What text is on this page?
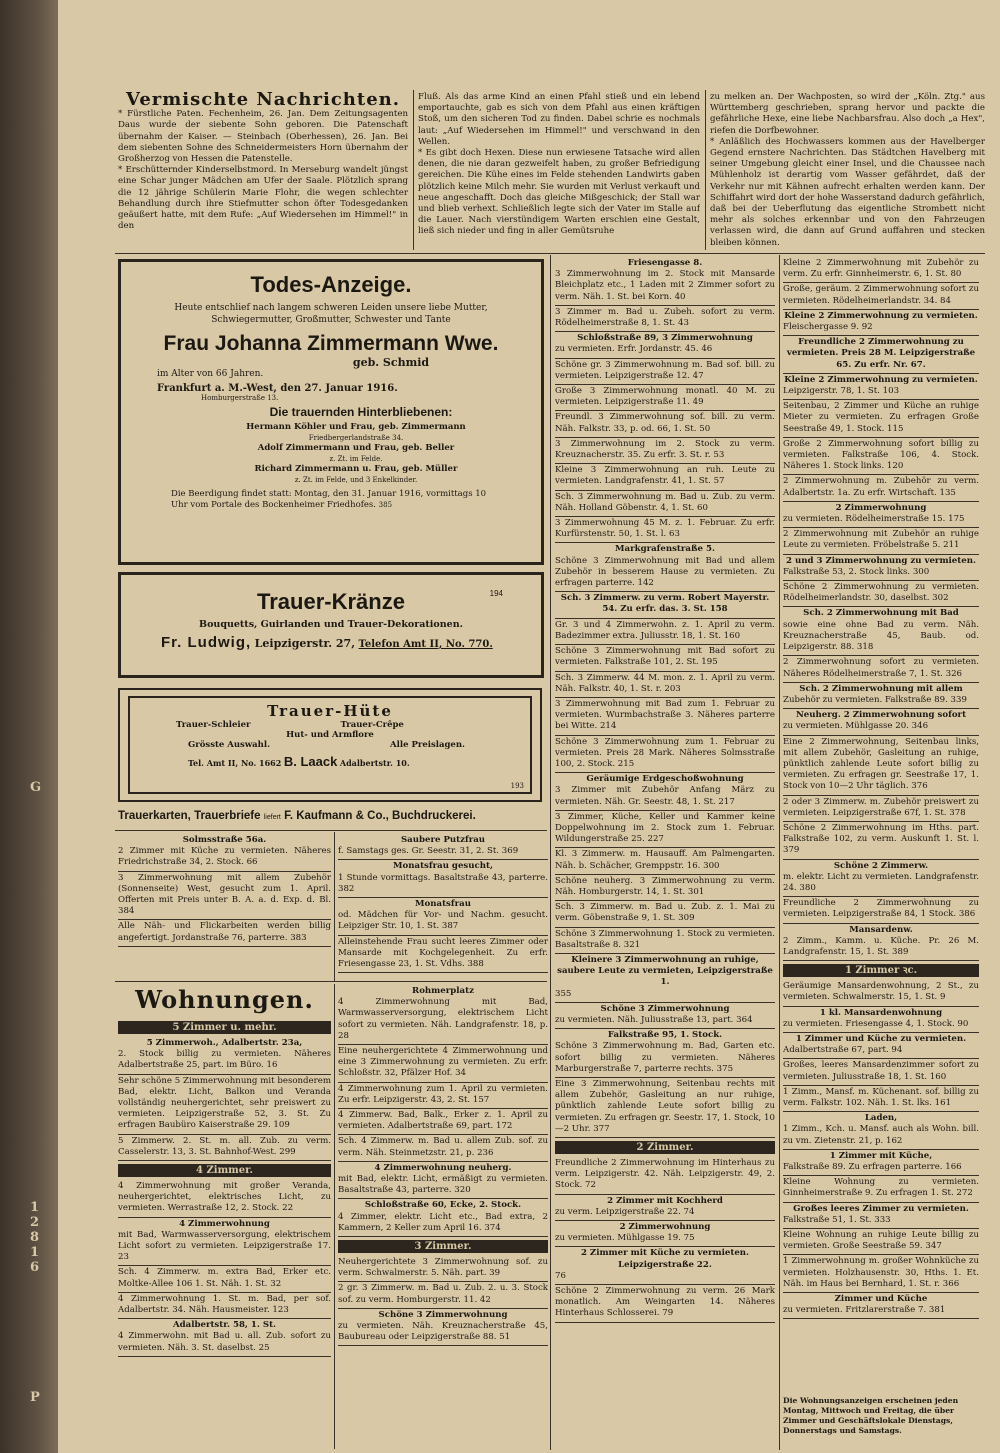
P
G
1
2
8
1
6
Vermischte Nachrichten.

* Fürstliche Paten. Fechenheim, 26. Jan. Dem Zeitungsagenten Daus wurde der siebente Sohn geboren. Die Patenschaft übernahm der Kaiser. — Steinbach (Oberhessen), 26. Jan. Bei dem siebenten Sohne des Schneidermeisters Horn übernahm der Großherzog von Hessen die Patenstelle.

* Erschütternder Kinderselbstmord. In Merseburg wandelt jüngst eine Schar junger Mädchen am Ufer der Saale. Plötzlich sprang die 12 jährige Schülerin Marie Flohr, die wegen schlechter Behandlung durch ihre Stiefmutter schon öfter Todesgedanken geäußert hatte, mit dem Rufe: „Auf Wiedersehen im Himmel!" in den

Fluß. Als das arme Kind an einen Pfahl stieß und ein lebend emportauchte, gab es sich von dem Pfahl aus einen kräftigen Stoß, um den sicheren Tod zu finden. Dabei schrie es nochmals laut: „Auf Wiedersehen im Himmel!" und verschwand in den Wellen.

* Es gibt doch Hexen. Diese nun erwiesene Tatsache wird allen denen, die nie daran gezweifelt haben, zu großer Befriedigung gereichen. Die Kühe eines im Felde stehenden Landwirts gaben plötzlich keine Milch mehr. Sie wurden mit Verlust verkauft und neue angeschafft. Doch das gleiche Mißgeschick; der Stall war und blieb verhext. Schließlich legte sich der Vater im Stalle auf die Lauer. Nach vierstündigem Warten erschien eine Gestalt, ließ sich nieder und fing in aller Gemütsruhe

zu melken an. Der Wachposten, so wird der „Köln. Ztg." aus Württemberg geschrieben, sprang hervor und packte die gefährliche Hexe, eine liebe Nachbarsfrau. Also doch „a Hex", riefen die Dorfbewohner.

* Anläßlich des Hochwassers kommen aus der Havelberger Gegend ernstere Nachrichten. Das Städtchen Havelberg mit seiner Umgebung gleicht einer Insel, und die Chaussee nach Mühlenholz ist derartig vom Wasser gefährdet, daß der Verkehr nur mit Kähnen aufrecht erhalten werden kann. Der Schiffahrt wird dort der hohe Wasserstand dadurch gefährlich, daß bei der Ueberflutung das eigentliche Strombett nicht mehr als solches erkennbar und von den Fahrzeugen verlassen wird, die dann auf Grund auffahren und stecken bleiben können.

Todes-Anzeige.
Heute entschlief nach langem schweren Leiden unsere liebe Mutter, Schwiegermutter, Großmutter, Schwester und Tante
Frau Johanna Zimmermann Wwe.
geb. Schmid
im Alter von 66 Jahren.
Frankfurt a. M.-West, den 27. Januar 1916.
Homburgerstraße 13.
Die trauernden Hinterbliebenen:
Hermann Köhler und Frau, geb. Zimmermann
Friedbergerlandstraße 34.
Adolf Zimmermann und Frau, geb. Beller
z. Zt. im Felde.
Richard Zimmermann u. Frau, geb. Müller
z. Zt. im Felde, und 3 Enkelkinder.
Die Beerdigung findet statt: Montag, den 31. Januar 1916, vormittags 10 Uhr vom Portale des Bockenheimer Friedhofes. 385
Trauer-Kränze	194
Bouquetts, Guirlanden und Trauer-Dekorationen.
Fr. Ludwig, Leipzigerstr. 27, Telefon Amt II, No. 770.
Trauer-Hüte
Trauer-Schleier	Trauer-Crêpe
Hut- und Armflore
Grösste Auswahl.	Alle Preislagen.
Tel. Amt II, No. 1662 B. Laack Adalbertstr. 10.
193
Trauerkarten, Trauerbriefe liefert F. Kaufmann & Co., Buchdruckerei.
Solmsstraße 56a.

2 Zimmer mit Küche zu vermieten. Näheres Friedrichstraße 34, 2. Stock. 66

3 Zimmerwohnung mit allem Zubehör (Sonnenseite) West, gesucht zum 1. April. Offerten mit Preis unter B. A. a. d. Exp. d. Bl. 384

Alle Näh- und Flickarbeiten werden billig angefertigt. Jordanstraße 76, parterre. 383

Saubere Putzfrau

f. Samstags ges. Gr. Seestr. 31, 2. St. 369

Monatsfrau gesucht,

1 Stunde vormittags. Basaltstraße 43, parterre. 382

Monatsfrau

od. Mädchen für Vor- und Nachm. gesucht. Leipziger Str. 10, 1. St. 387

Alleinstehende Frau sucht leeres Zimmer oder Mansarde mit Kochgelegenheit. Zu erfr. Friesengasse 23, 1. St. Vdhs. 388

Wohnungen.
5 Zimmer u. mehr.
5 Zimmerwoh., Adalbertstr. 23a,

2. Stock billig zu vermieten. Näheres Adalbertstraße 25, part. im Büro. 16

Sehr schöne 5 Zimmerwohnung mit besonderem Bad, elektr. Licht, Balkon und Veranda vollständig neuhergerichtet, sehr preiswert zu vermieten. Leipzigerstraße 52, 3. St. Zu erfragen Baubüro Kaiserstraße 29. 109

5 Zimmerw. 2. St. m. all. Zub. zu verm. Casselerstr. 13, 3. St. Bahnhof-West. 299

4 Zimmer.

4 Zimmerwohnung mit großer Veranda, neuhergerichtet, elektrisches Licht, zu vermieten. Werrastraße 12, 2. Stock. 22

4 Zimmerwohnung

mit Bad, Warmwasserversorgung, elektrischem Licht sofort zu vermieten. Leipzigerstraße 17. 23

Sch. 4 Zimmerw. m. extra Bad, Erker etc. Moltke-Allee 106 1. St. Näh. 1. St. 32

4 Zimmerwohnung 1. St. m. Bad, per sof. Adalbertstr. 34. Näh. Hausmeister. 123

Adalbertstr. 58, 1. St.

4 Zimmerwohn. mit Bad u. all. Zub. sofort zu vermieten. Näh. 3. St. daselbst. 25

Rohmerplatz

4 Zimmerwohnung mit Bad, Warmwasserversorgung, elektrischem Licht sofort zu vermieten. Näh. Landgrafenstr. 18, p. 28

Eine neuhergerichtete 4 Zimmerwohnung und eine 3 Zimmerwohnung zu vermieten. Zu erfr. Schloßstr. 32, Pfälzer Hof. 34

4 Zimmerwohnung zum 1. April zu vermieten. Zu erfr. Leipzigerstr. 43, 2. St. 157

4 Zimmerw. Bad, Balk., Erker z. 1. April zu vermieten. Adalbertstraße 69, part. 172

Sch. 4 Zimmerw. m. Bad u. allem Zub. sof. zu verm. Näh. Steinmetzstr. 21, p. 236

4 Zimmerwohnung neuherg.

mit Bad, elektr. Licht, ermäßigt zu vermieten. Basaltstraße 43, parterre. 320

Schloßstraße 60, Ecke, 2. Stock.

4 Zimmer, elektr. Licht etc., Bad extra, 2 Kammern, 2 Keller zum April 16. 374

3 Zimmer.

Neuhergerichtete 3 Zimmerwohnung sof. zu verm. Schwalmerstr. 5. Näh. part. 39

2 gr. 3 Zimmerw. m. Bad u. Zub. 2. u. 3. Stock sof. zu verm. Homburgerstr. 11. 42

Schöne 3 Zimmerwohnung

zu vermieten. Näh. Kreuznacherstraße 45, Baubureau oder Leipzigerstraße 88. 51

Friesengasse 8.

3 Zimmerwohnung im 2. Stock mit Mansarde Bleichplatz etc., 1 Laden mit 2 Zimmer sofort zu verm. Näh. 1. St. bei Korn. 40

3 Zimmer m. Bad u. Zubeh. sofort zu verm. Rödelheimerstraße 8, 1. St. 43

Schloßstraße 89, 3 Zimmerwohnung

zu vermieten. Erfr. Jordanstr. 45. 46

Schöne gr. 3 Zimmerwohnung m. Bad sof. bill. zu vermieten. Leipzigerstraße 12. 47

Große 3 Zimmerwohnung monatl. 40 M. zu vermieten. Leipzigerstraße 11. 49

Freundl. 3 Zimmerwohnung sof. bill. zu verm. Näh. Falkstr. 33, p. od. 66, 1. St. 50

3 Zimmerwohnung im 2. Stock zu verm. Kreuznacherstr. 35. Zu erfr. 3. St. r. 53

Kleine 3 Zimmerwohnung an ruh. Leute zu vermieten. Landgrafenstr. 41, 1. St. 57

Sch. 3 Zimmerwohnung m. Bad u. Zub. zu verm. Näh. Holland Göbenstr. 4, 1. St. 60

3 Zimmerwohnung 45 M. z. 1. Februar. Zu erfr. Kurfürstenstr. 50, 1. St. l. 63

Markgrafenstraße 5.

Schöne 3 Zimmerwohnung mit Bad und allem Zubehör in besserem Hause zu vermieten. Zu erfragen parterre. 142

Sch. 3 Zimmerw. zu verm. Robert Mayerstr. 54. Zu erfr. das. 3. St. 158

Gr. 3 und 4 Zimmerwohn. z. 1. April zu verm. Badezimmer extra. Juliusstr. 18, 1. St. 160

Schöne 3 Zimmerwohnung mit Bad sofort zu vermieten. Falkstraße 101, 2. St. 195

Sch. 3 Zimmerw. 44 M. mon. z. 1. April zu verm. Näh. Falkstr. 40, 1. St. r. 203

3 Zimmerwohnung mit Bad zum 1. Februar zu vermieten. Wurmbachstraße 3. Näheres parterre bei Witte. 214

Schöne 3 Zimmerwohnung zum 1. Februar zu vermieten. Preis 28 Mark. Näheres Solmsstraße 100, 2. Stock. 215

Geräumige Erdgeschoßwohnung

3 Zimmer mit Zubehör Anfang März zu vermieten. Näh. Gr. Seestr. 48, 1. St. 217

3 Zimmer, Küche, Keller und Kammer keine Doppelwohnung im 2. Stock zum 1. Februar. Wildungerstraße 25. 227

Kl. 3 Zimmerw. m. Hausauff. Am Palmengarten. Näh. b. Schächer, Gremppstr. 16. 300

Schöne neuherg. 3 Zimmerwohnung zu verm. Näh. Homburgerstr. 14, 1. St. 301

Sch. 3 Zimmerw. m. Bad u. Zub. z. 1. Mai zu verm. Göbenstraße 9, 1. St. 309

Schöne 3 Zimmerwohnung 1. Stock zu vermieten. Basaltstraße 8. 321

Kleinere 3 Zimmerwohnung an ruhige, saubere Leute zu vermieten, Leipzigerstraße 1.

355

Schöne 3 Zimmerwohnung

zu vermieten. Näh. Juliusstraße 13, part. 364

Falkstraße 95, 1. Stock.

Schöne 3 Zimmerwohnung m. Bad, Garten etc. sofort billig zu vermieten. Näheres Marburgerstraße 7, parterre rechts. 375

Eine 3 Zimmerwohnung, Seitenbau rechts mit allem Zubehör, Gasleitung an nur ruhige, pünktlich zahlende Leute sofort billig zu vermieten. Zu erfragen gr. Seestr. 17, 1. Stock, 10—2 Uhr. 377

2 Zimmer.

Freundliche 2 Zimmerwohnung im Hinterhaus zu verm. Leipzigerstr. 42. Näh. Leipzigerstr. 49, 2. Stock. 72

2 Zimmer mit Kochherd

zu verm. Leipzigerstraße 22. 74

2 Zimmerwohnung

zu vermieten. Mühlgasse 19. 75

2 Zimmer mit Küche zu vermieten. Leipzigerstraße 22.

76

Schöne 2 Zimmerwohnung zu verm. 26 Mark monatlich. Am Weingarten 14. Näheres Hinterhaus Schlosserei. 79

Kleine 2 Zimmerwohnung mit Zubehör zu verm. Zu erfr. Ginnheimerstr. 6, 1. St. 80

Große, geräum. 2 Zimmerwohnung sofort zu vermieten. Rödelheimerlandstr. 34. 84

Kleine 2 Zimmerwohnung zu vermieten.

Fleischergasse 9. 92

Freundliche 2 Zimmerwohnung zu vermieten. Preis 28 M. Leipzigerstraße 65. Zu erfr. Nr. 67.
Kleine 2 Zimmerwohnung zu vermieten.

Leipzigerstr. 78, 1. St. 103

Seitenbau, 2 Zimmer und Küche an ruhige Mieter zu vermieten. Zu erfragen Große Seestraße 49, 1. Stock. 115

Große 2 Zimmerwohnung sofort billig zu vermieten. Falkstraße 106, 4. Stock. Näheres 1. Stock links. 120

2 Zimmerwohnung m. Zubehör zu verm. Adalbertstr. 1a. Zu erfr. Wirtschaft. 135

2 Zimmerwohnung

zu vermieten. Rödelheimerstraße 15. 175

2 Zimmerwohnung mit Zubehör an ruhige Leute zu vermieten. Fröbelstraße 5. 211

2 und 3 Zimmerwohnung zu vermieten.

Falkstraße 53, 2. Stock links. 300

Schöne 2 Zimmerwohnung zu vermieten. Rödelheimerlandstr. 30, daselbst. 302

Sch. 2 Zimmerwohnung mit Bad

sowie eine ohne Bad zu verm. Näh. Kreuznacherstraße 45, Baub. od. Leipzigerstr. 88. 318

2 Zimmerwohnung sofort zu vermieten. Näheres Rödelheimerstraße 7, 1. St. 326

Sch. 2 Zimmerwohnung mit allem

Zubehör zu vermieten. Falkstraße 89. 339

Neuherg. 2 Zimmerwohnung sofort

zu vermieten. Mühlgasse 20. 346

Eine 2 Zimmerwohnung, Seitenbau links, mit allem Zubehör, Gasleitung an ruhige, pünktlich zahlende Leute sofort billig zu vermieten. Zu erfragen gr. Seestraße 17, 1. Stock von 10—2 Uhr täglich. 376

2 oder 3 Zimmerw. m. Zubehör preiswert zu vermieten. Leipzigerstraße 67f, 1. St. 378

Schöne 2 Zimmerwohnung im Hths. part. Falkstraße 102, zu verm. Auskunft 1. St. l. 379

Schöne 2 Zimmerw.

m. elektr. Licht zu vermieten. Landgrafenstr. 24. 380

Freundliche 2 Zimmerwohnung zu vermieten. Leipzigerstraße 84, 1 Stock. 386

Mansardenw.

2 Zimm., Kamm. u. Küche. Pr. 26 M. Landgrafenstr. 15, 1. St. 389

1 Zimmer ꝛc.

Geräumige Mansardenwohnung, 2 St., zu vermieten. Schwalmerstr. 15, 1. St. 9

1 kl. Mansardenwohnung

zu vermieten. Friesengasse 4, 1. Stock. 90

1 Zimmer und Küche zu vermieten.

Adalbertstraße 67, part. 94

Großes, leeres Mansardenzimmer sofort zu vermieten. Juliusstraße 18, 1. St. 160

1 Zimm., Mansf. m. Küchenant. sof. billig zu verm. Falkstr. 102. Näh. 1. St. lks. 161

Laden,

1 Zimm., Kch. u. Mansf. auch als Wohn. bill. zu vm. Zietenstr. 21, p. 162

1 Zimmer mit Küche,

Falkstraße 89. Zu erfragen parterre. 166

Kleine Wohnung zu vermieten. Ginnheimerstraße 9. Zu erfragen 1. St. 272

Großes leeres Zimmer zu vermieten.

Falkstraße 51, 1. St. 333

Kleine Wohnung an ruhige Leute billig zu vermieten. Große Seestraße 59. 347

1 Zimmerwohnung m. großer Wohnküche zu vermieten. Holzhausenstr. 30, Hths. 1. Et. Näh. im Haus bei Bernhard, 1. St. r. 366

Zimmer und Küche

zu vermieten. Fritzlarerstraße 7. 381

Die Wohnungsanzeigen erscheinen jeden Montag, Mittwoch und Freitag, die über Zimmer und Geschäftslokale Dienstags, Donnerstags und Samstags.
